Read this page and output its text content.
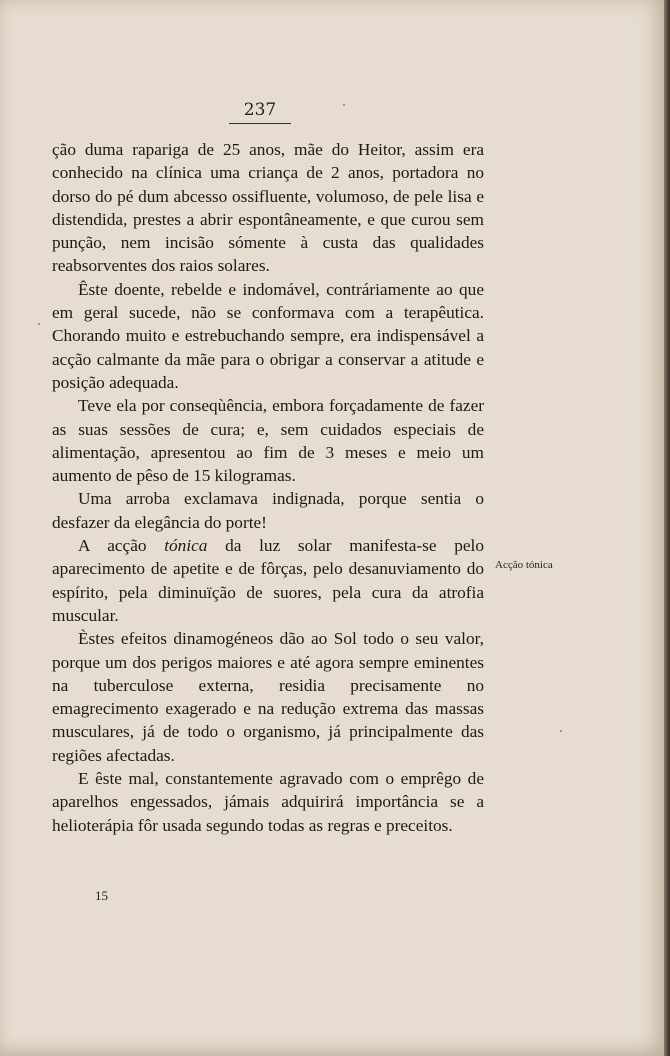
237

ção duma rapariga de 25 anos, mãe do Heitor, assim era conhecido na clínica uma criança de 2 anos, portadora no dorso do pé dum abcesso ossifluente, volumoso, de pele lisa e distendida, prestes a abrir espontâneamente, e que curou sem punção, nem incisão sómente à custa das qualidades reabsorventes dos raios solares.

Êste doente, rebelde e indomável, contráriamente ao que em geral sucede, não se conformava com a terapêutica. Chorando muito e estrebuchando sempre, era indispensável a acção calmante da mãe para o obrigar a conservar a atitude e posição adequada.

Teve ela por conseqùência, embora forçadamente de fazer as suas sessões de cura; e, sem cuidados especiais de alimentação, apresentou ao fim de 3 meses e meio um aumento de pêso de 15 kilogramas.

Uma arroba exclamava indignada, porque sentia o desfazer da elegância do porte!

A acção tónica da luz solar manifesta-se pelo aparecimento de apetite e de fôrças, pelo desanuviamento do espírito, pela diminuïção de suores, pela cura da atrofia muscular.

Èstes efeitos dinamogéneos dão ao Sol todo o seu valor, porque um dos perigos maiores e até agora sempre eminentes na tuberculose externa, residia precisamente no emagrecimento exagerado e na redução extrema das massas musculares, já de todo o organismo, já principalmente das regiões afectadas.

E êste mal, constantemente agravado com o emprêgo de aparelhos engessados, jámais adquirirá importância se a helioterápia fôr usada segundo todas as regras e preceitos.

Acção tónica
15
